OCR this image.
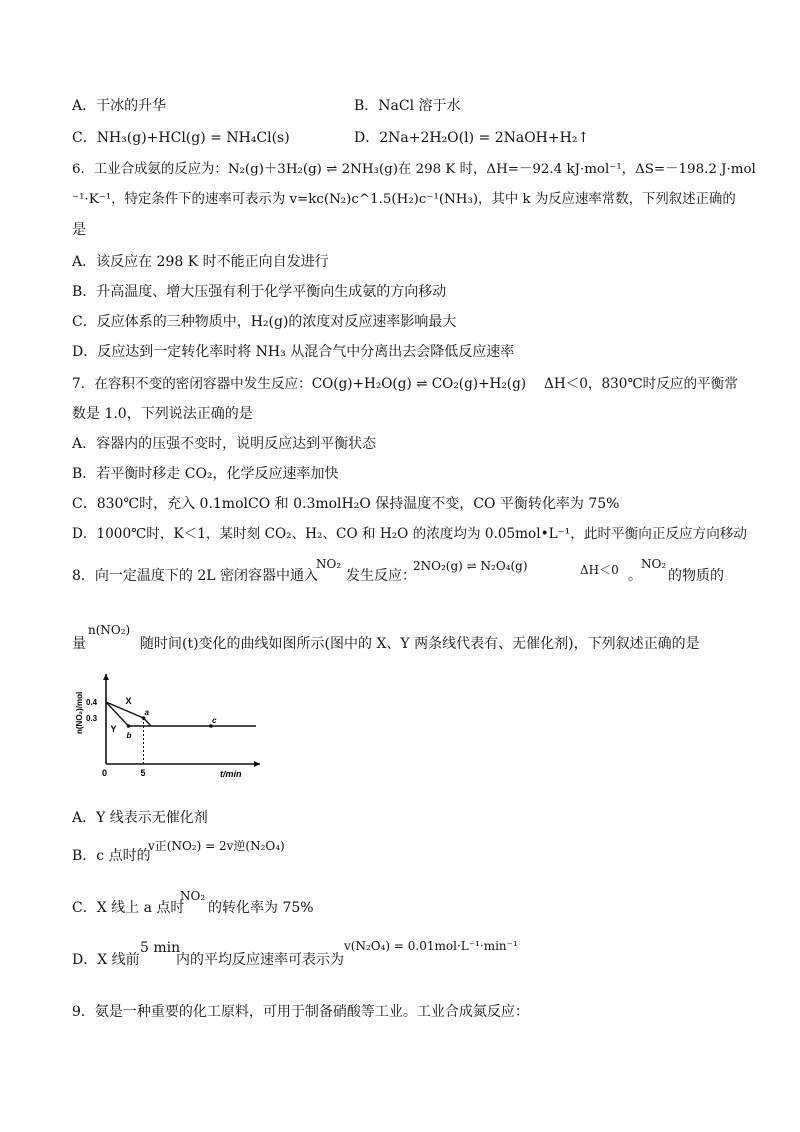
A．干冰的升华	B．NaCl 溶于水
C．NH₃(g)+HCl(g) = NH₄Cl(s)	D．2Na+2H₂O(l) = 2NaOH+H₂↑
6．工业合成氨的反应为：N₂(g)＋3H₂(g) ⇌ 2NH₃(g)在 298 K 时，ΔH=－92.4 kJ·mol⁻¹，ΔS=－198.2 J·mol
⁻¹·K⁻¹，特定条件下的速率可表示为 v=kc(N₂)c^1.5(H₂)c⁻¹(NH₃)，其中 k 为反应速率常数，下列叙述正确的
是
A．该反应在 298 K 时不能正向自发进行
B．升高温度、增大压强有利于化学平衡向生成氨的方向移动
C．反应体系的三种物质中，H₂(g)的浓度对反应速率影响最大
D．反应达到一定转化率时将 NH₃ 从混合气中分离出去会降低反应速率
7．在容积不变的密闭容器中发生反应：CO(g)+H₂O(g) ⇌ CO₂(g)+H₂(g)　 ΔH＜0，830℃时反应的平衡常
数是 1.0，下列说法正确的是
A．容器内的压强不变时，说明反应达到平衡状态
B．若平衡时移走 CO₂，化学反应速率加快
C．830℃时，充入 0.1molCO 和 0.3molH₂O 保持温度不变，CO 平衡转化率为 75%
D．1000℃时，K＜1，某时刻 CO₂、H₂、CO 和 H₂O 的浓度均为 0.05mol•L⁻¹，此时平衡向正反应方向移动
8．向一定温度下的 2L 密闭容器中通入
NO₂
发生反应：
2NO₂(g) ⇌ N₂O₄(g)	ΔH＜0 。
NO₂
的物质的
量
n(NO₂)
随时间(t)变化的曲线如图所示(图中的 X、Y 两条线代表有、无催化剂)，下列叙述正确的是
n(NO₂)/mol
t/min
0	5
0.4
0.3
X
Y
a
b
c
A．Y 线表示无催化剂
B．c 点时的
v正(NO₂) = 2v逆(N₂O₄)
C．X 线上 a 点时
NO₂
的转化率为 75%
D．X 线前
5 min
内的平均反应速率可表示为
v(N₂O₄) = 0.01mol·L⁻¹·min⁻¹
9．氨是一种重要的化工原料，可用于制备硝酸等工业。工业合成氮反应：
